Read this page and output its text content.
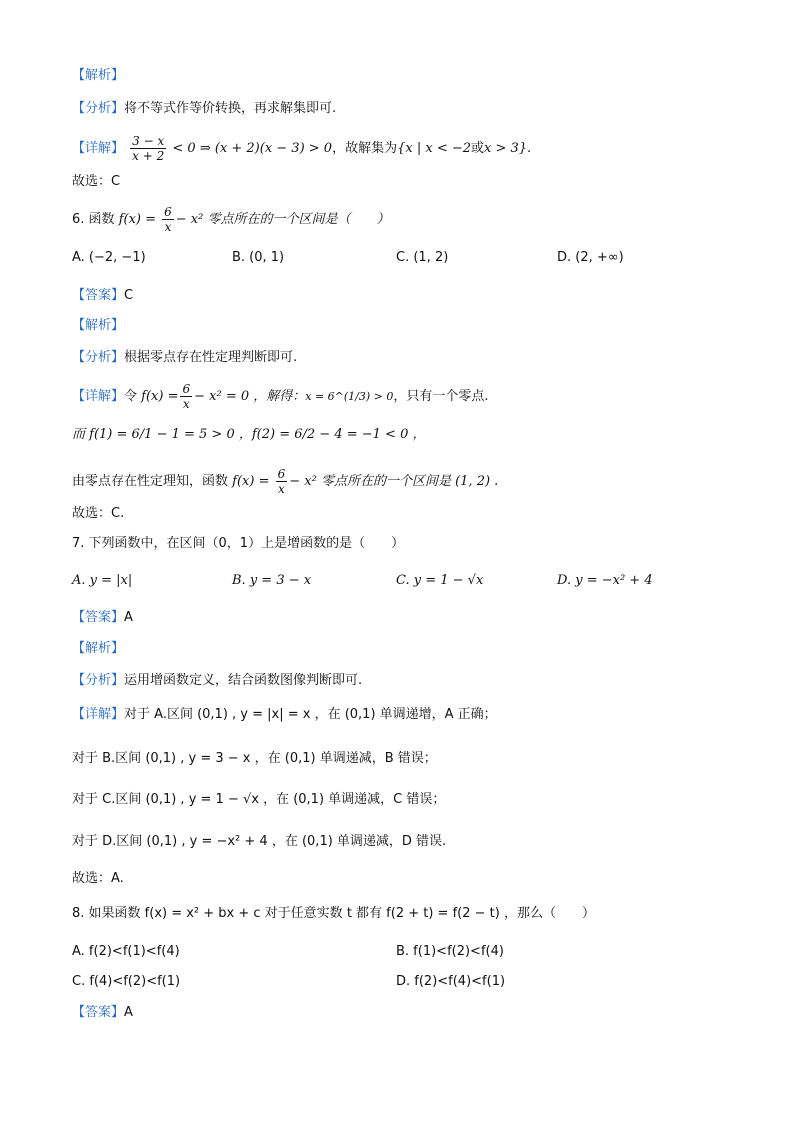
【解析】
【分析】将不等式作等价转换，再求解集即可.
【详解】 $\frac{3 - x}{x + 2} < 0$ ⇒ (x + 2)(x − 3) > 0，故解集为{x | x < −2或x > 3}.
故选：C
6. 函数 $f(x) = \frac{6}{x} - x^2$ 零点所在的一个区间是（　　）
A. (−2, −1)	B. (0, 1)	C. (1, 2)	D. (2, +∞)
【答案】C
【解析】
【分析】根据零点存在性定理判断即可.
【详解】令 $f(x) = \frac{6}{x} - x^2 = 0$ ，解得：x = 6^(1/3) > 0，只有一个零点.
而 f(1) = 6/1 − 1 = 5 > 0 ，f(2) = 6/2 − 4 = −1 < 0 ，
由零点存在性定理知，函数 $f(x) = \frac{6}{x} - x^2$ 零点所在的一个区间是 (1, 2) .
故选：C.
7. 下列函数中，在区间（0，1）上是增函数的是（　　）
A. y = |x|	B. y = 3 − x	C. y = 1 − √x	D. y = −x² + 4
【答案】A
【解析】
【分析】运用增函数定义，结合函数图像判断即可.
【详解】对于 A.区间 (0,1) , y = |x| = x ，在 (0,1) 单调递增，A 正确；
对于 B.区间 (0,1) , y = 3 − x ，在 (0,1) 单调递减，B 错误；
对于 C.区间 (0,1) , y = 1 − √x ，在 (0,1) 单调递减，C 错误；
对于 D.区间 (0,1) , y = −x² + 4 ，在 (0,1) 单调递减，D 错误.
故选：A.
8. 如果函数 f(x) = x² + bx + c 对于任意实数 t 都有 f(2 + t) = f(2 − t) ，那么（　　）
A. f(2)<f(1)<f(4)	B. f(1)<f(2)<f(4)
C. f(4)<f(2)<f(1)	D. f(2)<f(4)<f(1)
【答案】A
